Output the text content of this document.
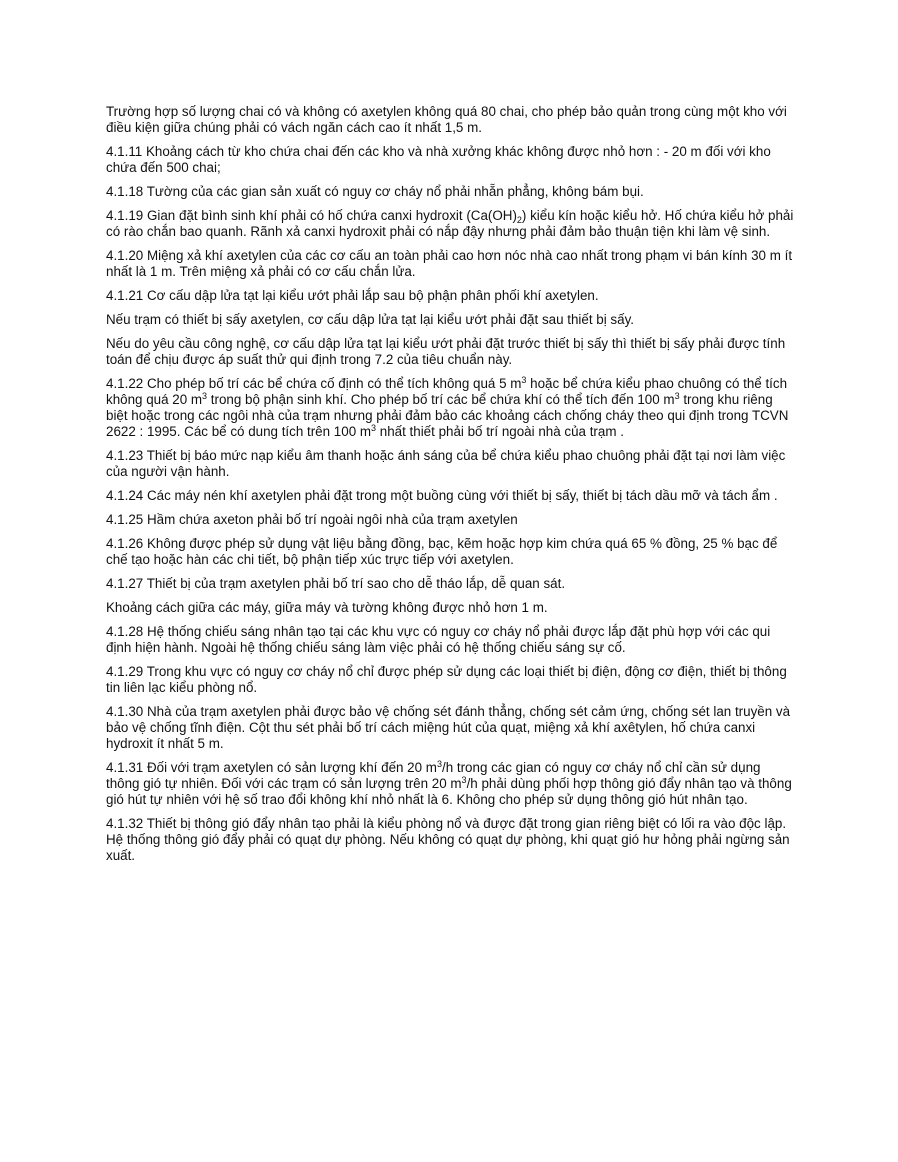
Trường hợp số lượng chai có và không có axetylen không quá 80 chai, cho phép bảo quản trong cùng một kho với điều kiện giữa chúng phải có vách ngăn cách cao ít nhất 1,5 m.

4.1.11 Khoảng cách từ kho chứa chai đến các kho và nhà xưởng khác không được nhỏ hơn : - 20 m đối với kho chứa đến 500 chai;

4.1.18 Tường của các gian sản xuất có nguy cơ cháy nổ phải nhẵn phẳng, không bám bụi.

4.1.19 Gian đặt bình sinh khí phải có hố chứa canxi hydroxit $(Ca(OH)_2)$ kiểu kín hoặc kiểu hở. Hố chứa kiểu hở phải có rào chắn bao quanh. Rãnh xả canxi hydroxit phải có nắp đậy nhưng phải đảm bảo thuận tiện khi làm vệ sinh.

4.1.20 Miệng xả khí axetylen của các cơ cấu an toàn phải cao hơn nóc nhà cao nhất trong phạm vi bán kính 30 m ít nhất là 1 m. Trên miệng xả phải có cơ cấu chắn lửa.

4.1.21 Cơ cấu dập lửa tạt lại kiểu ướt phải lắp sau bộ phận phân phối khí axetylen.

Nếu trạm có thiết bị sấy axetylen, cơ cấu dập lửa tạt lại kiểu ướt phải đặt sau thiết bị sấy.

Nếu do yêu cầu công nghệ, cơ cấu dập lửa tạt lại kiểu ướt phải đặt trước thiết bị sấy thì thiết bị sấy phải được tính toán để chịu được áp suất thử qui định trong 7.2 của tiêu chuẩn này.

4.1.22 Cho phép bố trí các bể chứa cố định có thể tích không quá 5 $m^3$ hoặc bể chứa kiểu phao chuông có thể tích không quá 20 $m^3$ trong bộ phận sinh khí. Cho phép bố trí các bể chứa khí có thể tích đến 100 $m^3$ trong khu riêng biệt hoặc trong các ngôi nhà của trạm nhưng phải đảm bảo các khoảng cách chống cháy theo qui định trong TCVN 2622 : 1995. Các bể có dung tích trên 100 $m^3$ nhất thiết phải bố trí ngoài nhà của trạm .

4.1.23 Thiết bị báo mức nạp kiểu âm thanh hoặc ánh sáng của bể chứa kiểu phao chuông phải đặt tại nơi làm việc của người vận hành.

4.1.24 Các máy nén khí axetylen phải đặt trong một buồng cùng với thiết bị sấy, thiết bị tách dầu mỡ và tách ẩm .

4.1.25 Hầm chứa axeton phải bố trí ngoài ngôi nhà của trạm axetylen

4.1.26 Không được phép sử dụng vật liệu bằng đồng, bạc, kẽm hoặc hợp kim chứa quá 65 % đồng, 25 % bạc để chế tạo hoặc hàn các chi tiết, bộ phận tiếp xúc trực tiếp với axetylen.

4.1.27 Thiết bị của trạm axetylen phải bố trí sao cho dễ tháo lắp, dễ quan sát.

Khoảng cách giữa các máy, giữa máy và tường không được nhỏ hơn 1 m.

4.1.28 Hệ thống chiếu sáng nhân tạo tại các khu vực có nguy cơ cháy nổ phải được lắp đặt phù hợp với các qui định hiện hành. Ngoài hệ thống chiếu sáng làm việc phải có hệ thống chiếu sáng sự cố.

4.1.29 Trong khu vực có nguy cơ cháy nổ chỉ được phép sử dụng các loại thiết bị điện, động cơ điện, thiết bị thông tin liên lạc kiểu phòng nổ.

4.1.30 Nhà của trạm axetylen phải được bảo vệ chống sét đánh thẳng, chống sét cảm ứng, chống sét lan truyền và bảo vệ chống tĩnh điện. Cột thu sét phải bố trí cách miệng hút của quạt, miệng xả khí axêtylen, hố chứa canxi hydroxit ít nhất 5 m.

4.1.31 Đối với trạm axetylen có sản lượng khí đến 20 $m^3/h$ trong các gian có nguy cơ cháy nổ chỉ cần sử dụng thông gió tự nhiên. Đối với các trạm có sản lượng trên 20 $m^3/h$ phải dùng phối hợp thông gió đẩy nhân tạo và thông gió hút tự nhiên với hệ số trao đổi không khí nhỏ nhất là 6. Không cho phép sử dụng thông gió hút nhân tạo.

4.1.32 Thiết bị thông gió đẩy nhân tạo phải là kiểu phòng nổ và được đặt trong gian riêng biệt có lối ra vào độc lập. Hệ thống thông gió đẩy phải có quạt dự phòng. Nếu không có quạt dự phòng, khi quạt gió hư hỏng phải ngừng sản xuất.
